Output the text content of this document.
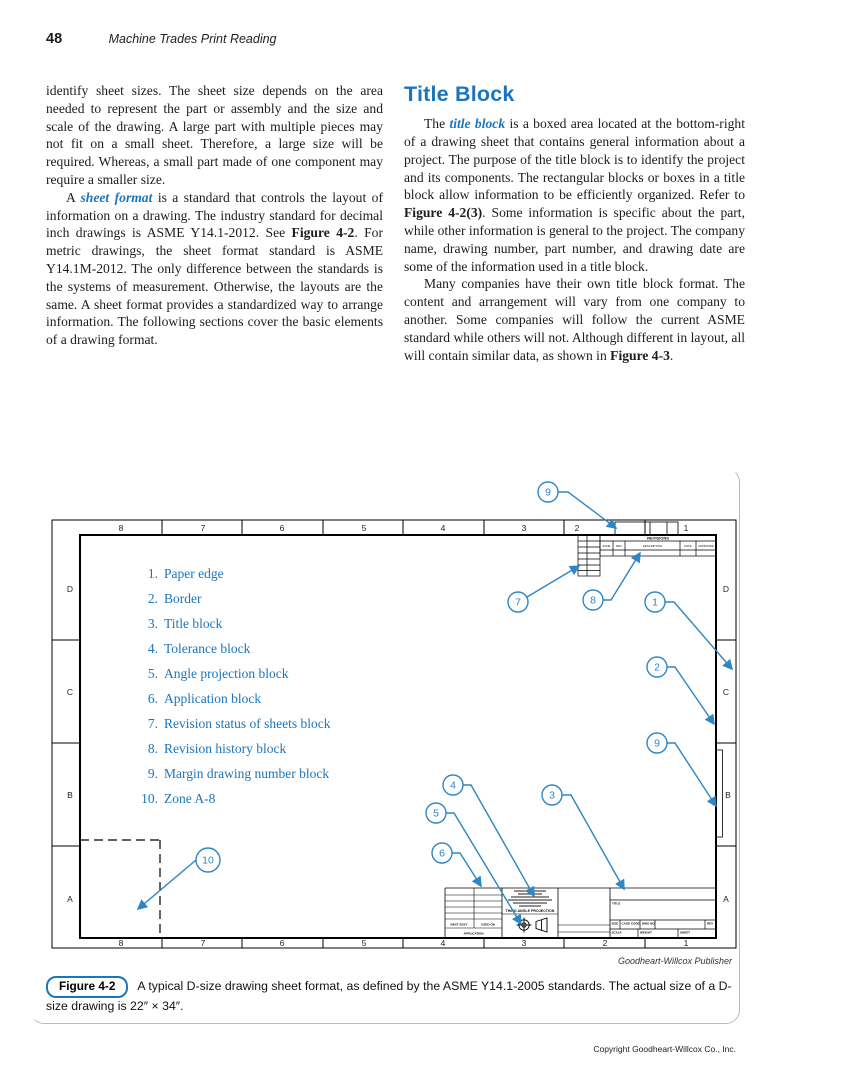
48	Machine Trades Print Reading

identify sheet sizes. The sheet size depends on the area needed to represent the part or assembly and the size and scale of the drawing. A large part with multiple pieces may not fit on a small sheet. Therefore, a large size will be required. Whereas, a small part made of one component may require a smaller size.

A sheet format is a standard that controls the layout of information on a drawing. The industry standard for decimal inch drawings is ASME Y14.1-2012. See Figure 4-2. For metric drawings, the sheet format standard is ASME Y14.1M-2012. The only difference between the standards is the systems of measurement. Otherwise, the layouts are the same. A sheet format provides a standardized way to arrange information. The following sections cover the basic elements of a drawing format.

Title Block

The title block is a boxed area located at the bottom-right of a drawing sheet that contains general information about a project. The purpose of the title block is to identify the project and its components. The rectangular blocks or boxes in a title block allow information to be efficiently organized. Refer to Figure 4-2(3). Some information is specific about the part, while other information is general to the project. The company name, drawing number, part number, and drawing date are some of the information used in a title block.

Many companies have their own title block format. The content and arrangement will vary from one company to another. Some companies will follow the current ASME standard while others will not. Although different in layout, all will contain similar data, as shown in Figure 4-3.

8	7	6	5	4	3	2	1
8	7	6	5	4	3	2	1
D
C
B
A
D
C
B
A
1. Paper edge
2. Border
3. Title block
4. Tolerance block
5. Angle projection block
6. Application block
7. Revision status of sheets block
8. Revision history block
9. Margin drawing number block
10. Zone A-8
REVISIONS
ZONE REV	DESCRIPTION	DATE APPROVED
NEXT ASSY	USED ON
APPLICATION
THIRD ANGLE PROJECTION
TITLE
SIZE CAGE CODE DWG NO	REV
SCALE	WEIGHT	SHEET
9
7	8	1
2
9
3
4
5
6
10
Goodheart-Willcox Publisher
Figure 4-2 A typical D-size drawing sheet format, as defined by the ASME Y14.1-2005 standards. The actual size of a D-size drawing is 22″ × 34″.
Copyright Goodheart-Willcox Co., Inc.
